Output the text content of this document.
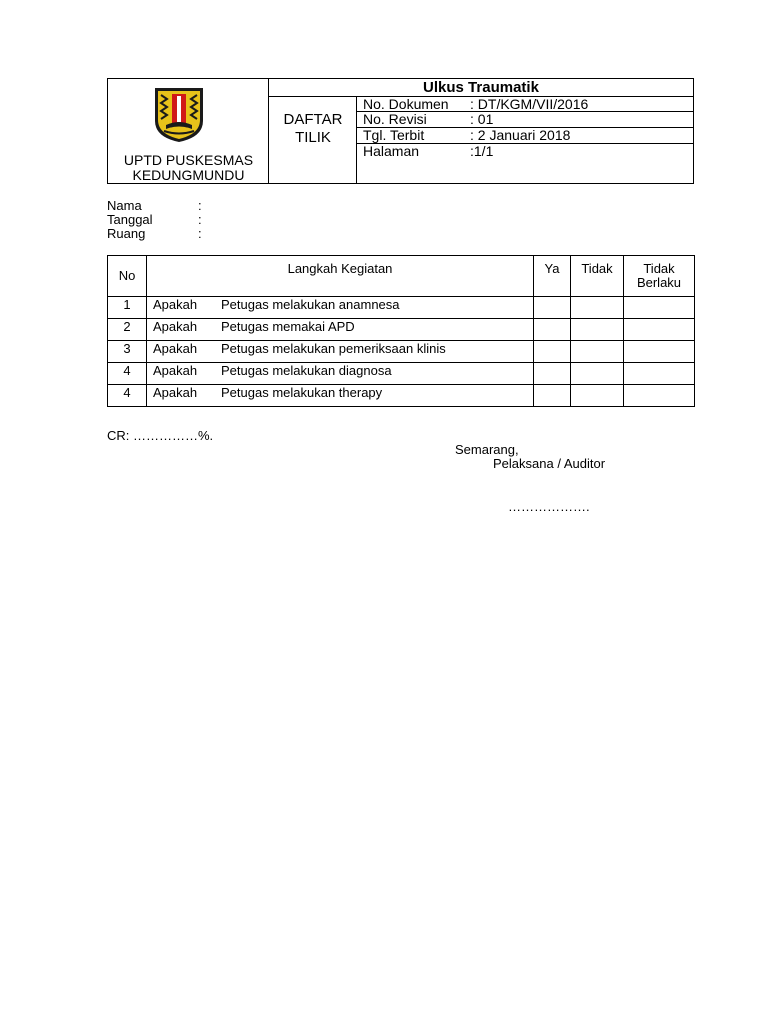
UPTD PUSKESMAS
KEDUNGMUNDU
Ulkus Traumatik
DAFTAR
TILIK
No. Dokumen : DT/KGM/VII/2016
No. Revisi	: 01
Tgl. Terbit	: 2 Januari 2018
Halaman	:1/1
Nama	:
Tanggal	:
Ruang	:
No	Langkah Kegiatan	Ya	Tidak	Tidak
Berlaku

1	Apakah Petugas melakukan anamnesa			
2	Apakah Petugas memakai APD			
3	Apakah Petugas melakukan pemeriksaan klinis			
4	Apakah Petugas melakukan diagnosa			
4	Apakah Petugas melakukan therapy			
CR: ……………%.
Semarang,
Pelaksana / Auditor
……………….
